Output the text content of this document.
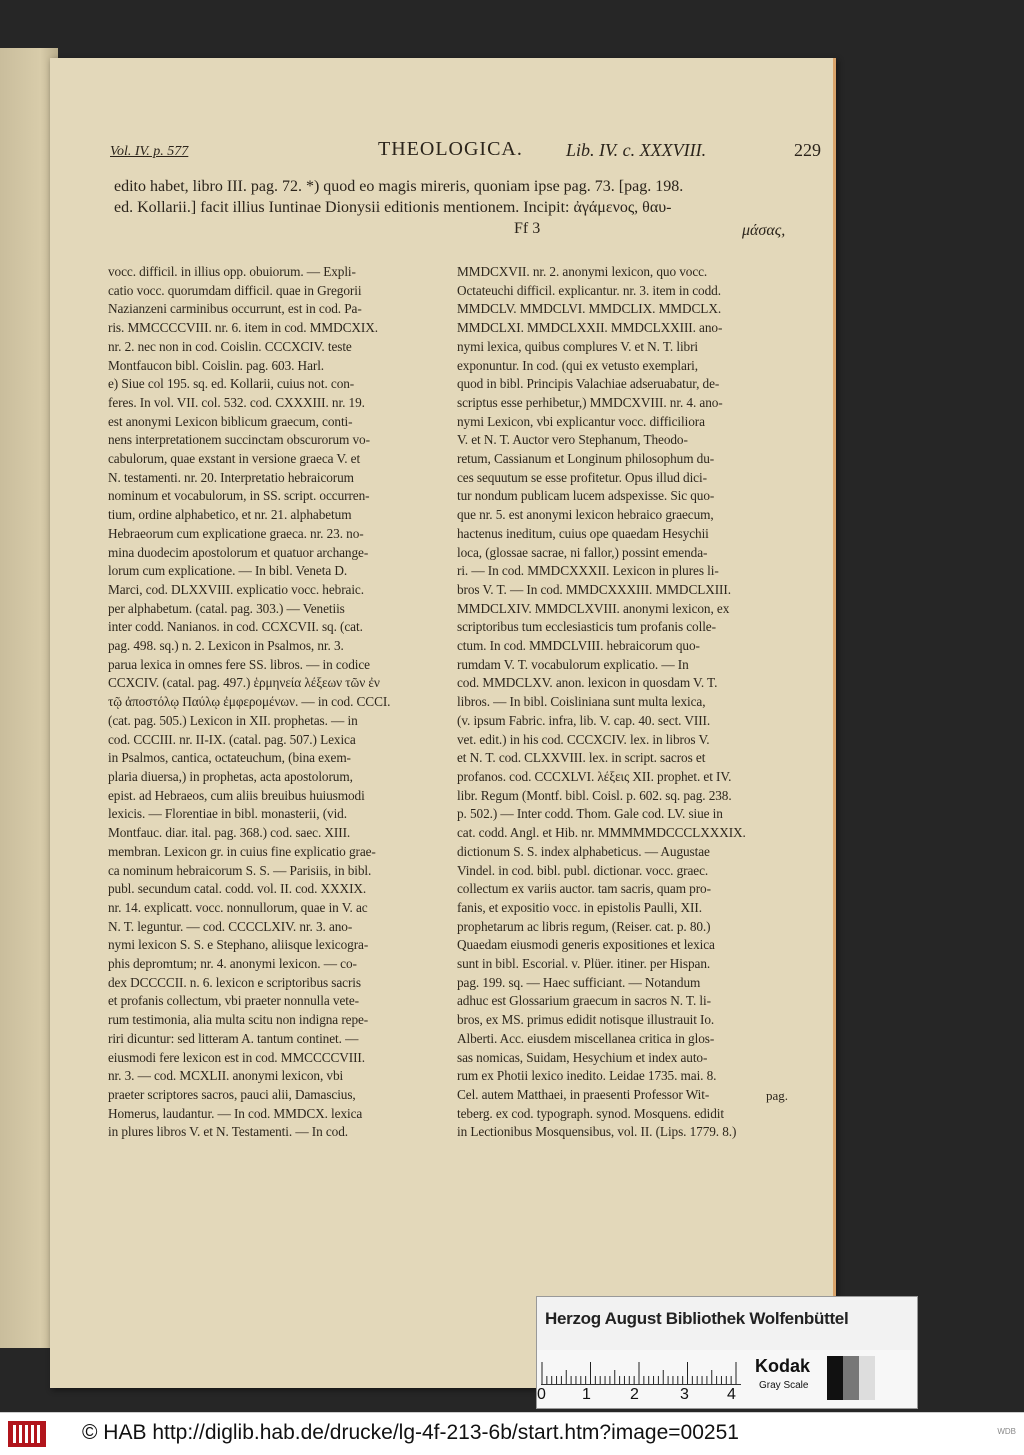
Vol. IV. p. 577	THEOLOGICA. Lib. IV. c. XXXVIII.	229

edito habet, libro III. pag. 72. *) quod eo magis mireris, quoniam ipse pag. 73. [pag. 198.

ed. Kollarii.] facit illius Iuntinae Dionysii editionis mentionem. Incipit: ἀγάμενος, θαυ-

Ff 3	μάσας,

vocc. difficil. in illius opp. obuiorum. — Expli-

catio vocc. quorumdam difficil. quae in Gregorii

Nazianzeni carminibus occurrunt, est in cod. Pa-

ris. MMCCCCVIII. nr. 6. item in cod. MMDCXIX.

nr. 2. nec non in cod. Coislin. CCCXCIV. teste

Montfaucon bibl. Coislin. pag. 603. Harl.

e) Siue col 195. sq. ed. Kollarii, cuius not. con-

feres. In vol. VII. col. 532. cod. CXXXIII. nr. 19.

est anonymi Lexicon biblicum graecum, conti-

nens interpretationem succinctam obscurorum vo-

cabulorum, quae exstant in versione graeca V. et

N. testamenti. nr. 20. Interpretatio hebraicorum

nominum et vocabulorum, in SS. script. occurren-

tium, ordine alphabetico, et nr. 21. alphabetum

Hebraeorum cum explicatione graeca. nr. 23. no-

mina duodecim apostolorum et quatuor archange-

lorum cum explicatione. — In bibl. Veneta D.

Marci, cod. DLXXVIII. explicatio vocc. hebraic.

per alphabetum. (catal. pag. 303.) — Venetiis

inter codd. Nanianos. in cod. CCXCVII. sq. (cat.

pag. 498. sq.) n. 2. Lexicon in Psalmos, nr. 3.

parua lexica in omnes fere SS. libros. — in codice

CCXCIV. (catal. pag. 497.) ἑρμηνεία λέξεων τῶν ἐν

τῷ ἀποστόλῳ Παύλῳ ἐμφερομένων. — in cod. CCCI.

(cat. pag. 505.) Lexicon in XII. prophetas. — in

cod. CCCIII. nr. II-IX. (catal. pag. 507.) Lexica

in Psalmos, cantica, octateuchum, (bina exem-

plaria diuersa,) in prophetas, acta apostolorum,

epist. ad Hebraeos, cum aliis breuibus huiusmodi

lexicis. — Florentiae in bibl. monasterii, (vid.

Montfauc. diar. ital. pag. 368.) cod. saec. XIII.

membran. Lexicon gr. in cuius fine explicatio grae-

ca nominum hebraicorum S. S. — Parisiis, in bibl.

publ. secundum catal. codd. vol. II. cod. XXXIX.

nr. 14. explicatt. vocc. nonnullorum, quae in V. ac

N. T. leguntur. — cod. CCCCLXIV. nr. 3. ano-

nymi lexicon S. S. e Stephano, aliisque lexicogra-

phis depromtum; nr. 4. anonymi lexicon. — co-

dex DCCCCII. n. 6. lexicon e scriptoribus sacris

et profanis collectum, vbi praeter nonnulla vete-

rum testimonia, alia multa scitu non indigna repe-

riri dicuntur: sed litteram A. tantum continet. —

eiusmodi fere lexicon est in cod. MMCCCCVIII.

nr. 3. — cod. MCXLII. anonymi lexicon, vbi

praeter scriptores sacros, pauci alii, Damascius,

Homerus, laudantur. — In cod. MMDCX. lexica

in plures libros V. et N. Testamenti. — In cod.

MMDCXVII. nr. 2. anonymi lexicon, quo vocc.

Octateuchi difficil. explicantur. nr. 3. item in codd.

MMDCLV. MMDCLVI. MMDCLIX. MMDCLX.

MMDCLXI. MMDCLXXII. MMDCLXXIII. ano-

nymi lexica, quibus complures V. et N. T. libri

exponuntur. In cod. (qui ex vetusto exemplari,

quod in bibl. Principis Valachiae adseruabatur, de-

scriptus esse perhibetur,) MMDCXVIII. nr. 4. ano-

nymi Lexicon, vbi explicantur vocc. difficiliora

V. et N. T. Auctor vero Stephanum, Theodo-

retum, Cassianum et Longinum philosophum du-

ces sequutum se esse profitetur. Opus illud dici-

tur nondum publicam lucem adspexisse. Sic quo-

que nr. 5. est anonymi lexicon hebraico graecum,

hactenus ineditum, cuius ope quaedam Hesychii

loca, (glossae sacrae, ni fallor,) possint emenda-

ri. — In cod. MMDCXXXII. Lexicon in plures li-

bros V. T. — In cod. MMDCXXXIII. MMDCLXIII.

MMDCLXIV. MMDCLXVIII. anonymi lexicon, ex

scriptoribus tum ecclesiasticis tum profanis colle-

ctum. In cod. MMDCLVIII. hebraicorum quo-

rumdam V. T. vocabulorum explicatio. — In

cod. MMDCLXV. anon. lexicon in quosdam V. T.

libros. — In bibl. Coisliniana sunt multa lexica,

(v. ipsum Fabric. infra, lib. V. cap. 40. sect. VIII.

vet. edit.) in his cod. CCCXCIV. lex. in libros V.

et N. T. cod. CLXXVIII. lex. in script. sacros et

profanos. cod. CCCXLVI. λέξεις XII. prophet. et IV.

libr. Regum (Montf. bibl. Coisl. p. 602. sq. pag. 238.

p. 502.) — Inter codd. Thom. Gale cod. LV. siue in

cat. codd. Angl. et Hib. nr. MMMMMDCCCLXXXIX.

dictionum S. S. index alphabeticus. — Augustae

Vindel. in cod. bibl. publ. dictionar. vocc. graec.

collectum ex variis auctor. tam sacris, quam pro-

fanis, et expositio vocc. in epistolis Paulli, XII.

prophetarum ac libris regum, (Reiser. cat. p. 80.)

Quaedam eiusmodi generis expositiones et lexica

sunt in bibl. Escorial. v. Plüer. itiner. per Hispan.

pag. 199. sq. — Haec sufficiant. — Notandum

adhuc est Glossarium graecum in sacros N. T. li-

bros, ex MS. primus edidit notisque illustrauit Io.

Alberti. Acc. eiusdem miscellanea critica in glos-

sas nomicas, Suidam, Hesychium et index auto-

rum ex Photii lexico inedito. Leidae 1735. mai. 8.

Cel. autem Matthaei, in praesenti Professor Wit-

teberg. ex cod. typograph. synod. Mosquens. edidit

in Lectionibus Mosquensibus, vol. II. (Lips. 1779. 8.)

pag.
Herzog August Bibliothek Wolfenbüttel
0 1 2	3 4
Kodak
Gray Scale
© HAB http://diglib.hab.de/drucke/lg-4f-213-6b/start.htm?image=00251	WDB
